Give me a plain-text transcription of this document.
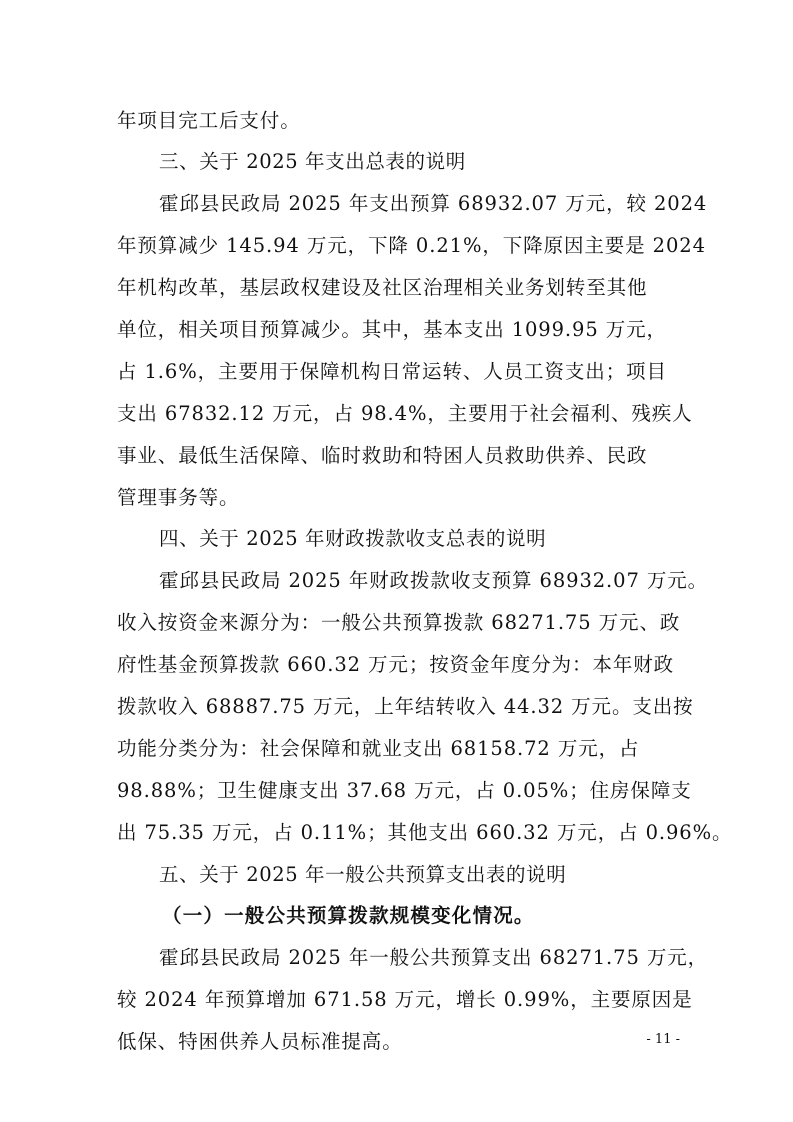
年项目完工后支付。
三、关于 2025 年支出总表的说明
霍邱县民政局 2025 年支出预算 68932.07 万元，较 2024
年预算减少 145.94 万元，下降 0.21%，下降原因主要是 2024
年机构改革，基层政权建设及社区治理相关业务划转至其他
单位，相关项目预算减少。其中，基本支出 1099.95 万元，
占 1.6%，主要用于保障机构日常运转、人员工资支出；项目
支出 67832.12 万元，占 98.4%，主要用于社会福利、残疾人
事业、最低生活保障、临时救助和特困人员救助供养、民政
管理事务等。
四、关于 2025 年财政拨款收支总表的说明
霍邱县民政局 2025 年财政拨款收支预算 68932.07 万元。
收入按资金来源分为：一般公共预算拨款 68271.75 万元、政
府性基金预算拨款 660.32 万元；按资金年度分为：本年财政
拨款收入 68887.75 万元，上年结转收入 44.32 万元。支出按
功能分类分为：社会保障和就业支出 68158.72 万元，占
98.88%；卫生健康支出 37.68 万元，占 0.05%；住房保障支
出 75.35 万元，占 0.11%；其他支出 660.32 万元，占 0.96%。
五、关于 2025 年一般公共预算支出表的说明
（一）一般公共预算拨款规模变化情况。
霍邱县民政局 2025 年一般公共预算支出 68271.75 万元，
较 2024 年预算增加 671.58 万元，增长 0.99%，主要原因是
低保、特困供养人员标准提高。	- 11 -
